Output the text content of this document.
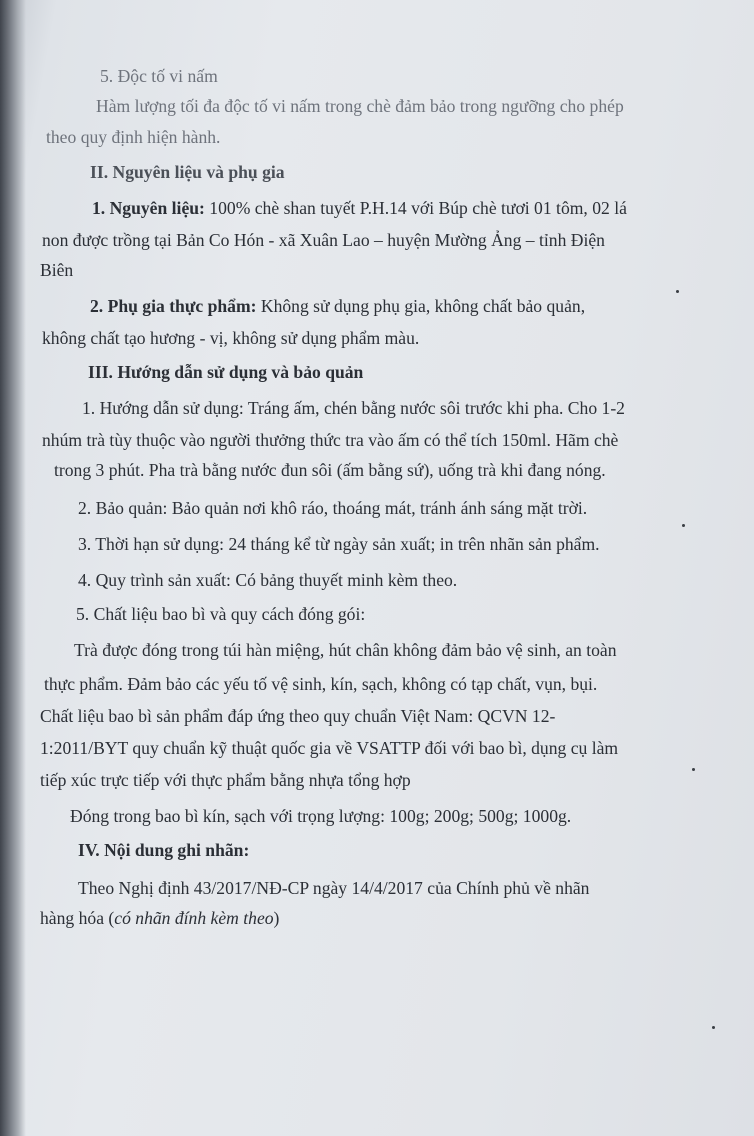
5. Độc tố vi nấm
Hàm lượng tối đa độc tố vi nấm trong chè đảm bảo trong ngưỡng cho phép
theo quy định hiện hành.
II. Nguyên liệu và phụ gia
1. Nguyên liệu: 100% chè shan tuyết P.H.14 với Búp chè tươi 01 tôm, 02 lá
non được trồng tại Bản Co Hón - xã Xuân Lao – huyện Mường Ảng – tỉnh Điện
Biên
2. Phụ gia thực phẩm: Không sử dụng phụ gia, không chất bảo quản,
không chất tạo hương - vị, không sử dụng phẩm màu.
III. Hướng dẫn sử dụng và bảo quản
1. Hướng dẫn sử dụng: Tráng ấm, chén bằng nước sôi trước khi pha. Cho 1-2
nhúm trà tùy thuộc vào người thưởng thức tra vào ấm có thể tích 150ml. Hãm chè
trong 3 phút. Pha trà bằng nước đun sôi (ấm bằng sứ), uống trà khi đang nóng.
2. Bảo quản: Bảo quản nơi khô ráo, thoáng mát, tránh ánh sáng mặt trời.
3. Thời hạn sử dụng: 24 tháng kể từ ngày sản xuất; in trên nhãn sản phẩm.
4. Quy trình sản xuất: Có bảng thuyết minh kèm theo.
5. Chất liệu bao bì và quy cách đóng gói:
Trà được đóng trong túi hàn miệng, hút chân không đảm bảo vệ sinh, an toàn
thực phẩm. Đảm bảo các yếu tố vệ sinh, kín, sạch, không có tạp chất, vụn, bụi.
Chất liệu bao bì sản phẩm đáp ứng theo quy chuẩn Việt Nam: QCVN 12-
1:2011/BYT quy chuẩn kỹ thuật quốc gia về VSATTP đối với bao bì, dụng cụ làm
tiếp xúc trực tiếp với thực phẩm bằng nhựa tổng hợp
Đóng trong bao bì kín, sạch với trọng lượng: 100g; 200g; 500g; 1000g.
IV. Nội dung ghi nhãn:
Theo Nghị định 43/2017/NĐ-CP ngày 14/4/2017 của Chính phủ về nhãn
hàng hóa (có nhãn đính kèm theo)
